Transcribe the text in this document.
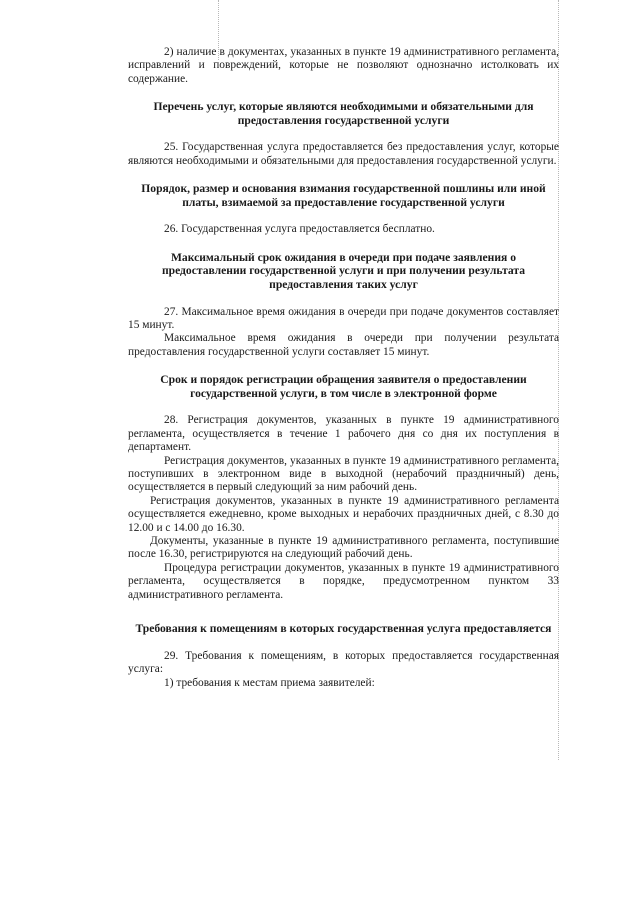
2) наличие в документах, указанных в пункте 19 административного регламента, исправлений и повреждений, которые не позволяют однозначно истолковать их содержание.

Перечень услуг, которые являются необходимыми и обязательными для предоставления государственной услуги

25. Государственная услуга предоставляется без предоставления услуг, которые являются необходимыми и обязательными для предоставления государственной услуги.

Порядок, размер и основания взимания государственной пошлины или иной платы, взимаемой за предоставление государственной услуги

26. Государственная услуга предоставляется бесплатно.

Максимальный срок ожидания в очереди при подаче заявления о предоставлении государственной услуги и при получении результата предоставления таких услуг

27. Максимальное время ожидания в очереди при подаче документов составляет 15 минут.

Максимальное время ожидания в очереди при получении результата предоставления государственной услуги составляет 15 минут.

Срок и порядок регистрации обращения заявителя о предоставлении государственной услуги, в том числе в электронной форме

28. Регистрация документов, указанных в пункте 19 административного регламента, осуществляется в течение 1 рабочего дня со дня их поступления в департамент.

Регистрация документов, указанных в пункте 19 административного регламента, поступивших в электронном виде в выходной (нерабочий праздничный) день, осуществляется в первый следующий за ним рабочий день.

Регистрация документов, указанных в пункте 19 административного регламента осуществляется ежедневно, кроме выходных и нерабочих праздничных дней, с 8.30 до 12.00 и с 14.00 до 16.30.

Документы, указанные в пункте 19 административного регламента, поступившие после 16.30, регистрируются на следующий рабочий день.

Процедура регистрации документов, указанных в пункте 19 административного регламента, осуществляется в порядке, предусмотренном пунктом 33 административного регламента.

Требования к помещениям в которых государственная услуга предоставляется

29. Требования к помещениям, в которых предоставляется государственная услуга:

1) требования к местам приема заявителей:
